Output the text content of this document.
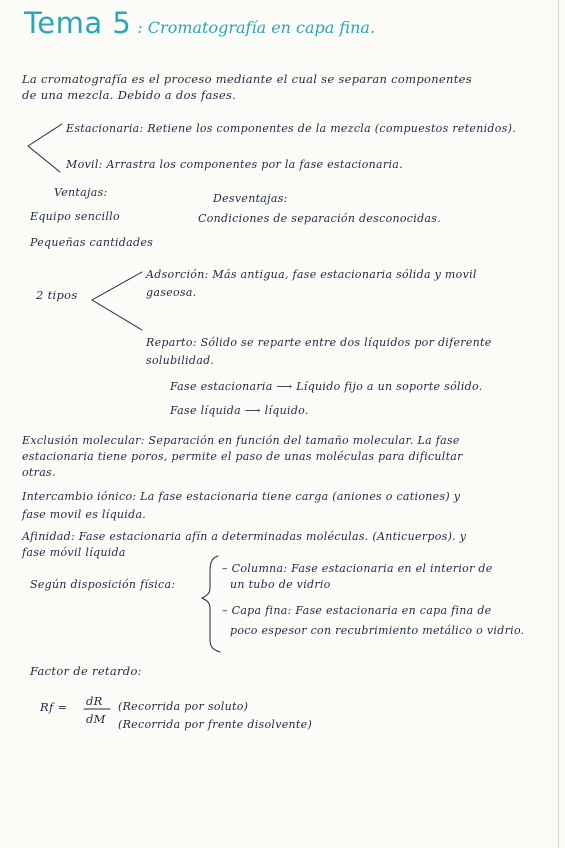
Tema 5 : Cromatografía en capa fina.
La cromatografía es el proceso mediante el cual se separan componentes
de una mezcla. Debido a dos fases.
Estacionaria: Retiene los componentes de la mezcla (compuestos retenidos).
Movil: Arrastra los componentes por la fase estacionaria.
Ventajas:
Equipo sencillo
Pequeñas cantidades
Desventajas:
Condiciones de separación desconocidas.
2 tipos
Adsorción: Más antigua, fase estacionaria sólida y movil
gaseosa.
Reparto: Sólido se reparte entre dos líquidos por diferente
solubilidad.
Fase estacionaria ⟶ Líquido fijo a un soporte sólido.
Fase líquida ⟶ líquido.
Exclusión molecular: Separación en función del tamaño molecular. La fase
estacionaria tiene poros, permite el paso de unas moléculas para dificultar
otras.
Intercambio iónico: La fase estacionaria tiene carga (aniones o cationes) y
fase movil es líquida.
Afinidad: Fase estacionaria afín a determinadas moléculas. (Anticuerpos). y
fase móvil líquida
Según disposición física:
– Columna: Fase estacionaria en el interior de
un tubo de vidrio
– Capa fina: Fase estacionaria en capa fina de
poco espesor con recubrimiento metálico o vidrio.
Factor de retardo:
Rf = dR
dM
(Recorrida por soluto)
(Recorrida por frente disolvente)
